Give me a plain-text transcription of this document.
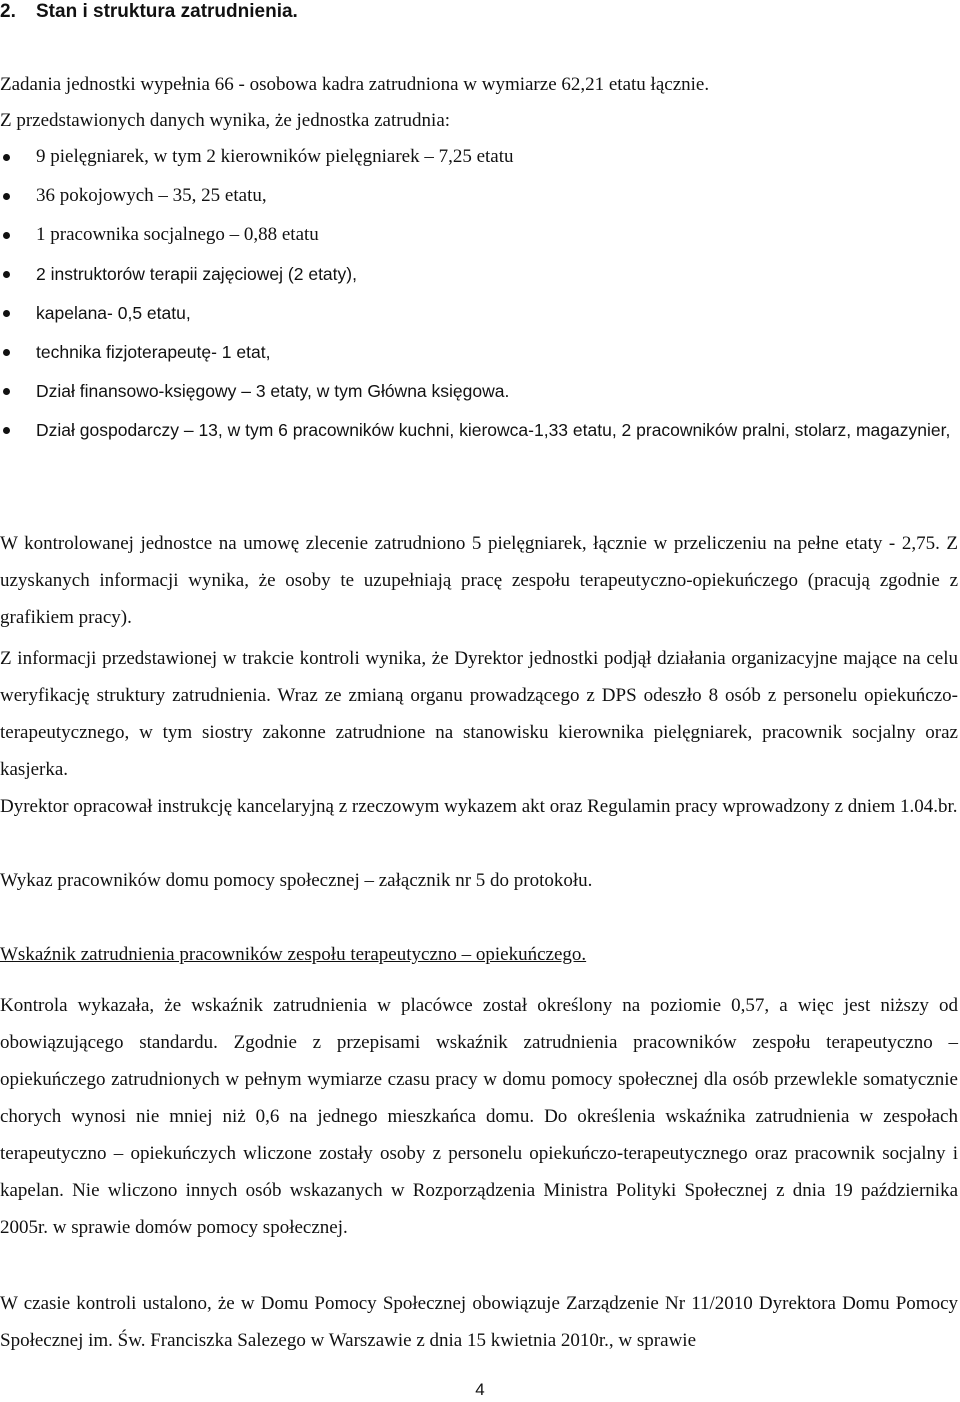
2. Stan i struktura zatrudnienia.
Zadania jednostki wypełnia 66 - osobowa kadra zatrudniona w wymiarze 62,21 etatu łącznie.
Z przedstawionych danych wynika, że jednostka zatrudnia:
9 pielęgniarek, w tym 2 kierowników pielęgniarek – 7,25 etatu
36 pokojowych – 35, 25 etatu,
1 pracownika socjalnego – 0,88 etatu
2 instruktorów terapii zajęciowej (2 etaty),
kapelana- 0,5 etatu,
technika fizjoterapeutę- 1 etat,
Dział finansowo-księgowy – 3 etaty, w tym Główna księgowa.
Dział gospodarczy – 13, w tym 6 pracowników kuchni, kierowca-1,33 etatu, 2 pracowników pralni, stolarz, magazynier,

W kontrolowanej jednostce na umowę zlecenie zatrudniono 5 pielęgniarek, łącznie w przeliczeniu na pełne etaty - 2,75. Z uzyskanych informacji wynika, że osoby te uzupełniają pracę zespołu terapeutyczno-opiekuńczego (pracują zgodnie z grafikiem pracy).

Z informacji przedstawionej w trakcie kontroli wynika, że Dyrektor jednostki podjął działania organizacyjne mające na celu weryfikację struktury zatrudnienia. Wraz ze zmianą organu prowadzącego z DPS odeszło 8 osób z personelu opiekuńczo-terapeutycznego, w tym siostry zakonne zatrudnione na stanowisku kierownika pielęgniarek, pracownik socjalny oraz kasjerka.

Dyrektor opracował instrukcję kancelaryjną z rzeczowym wykazem akt oraz Regulamin pracy wprowadzony z dniem 1.04.br.

Wykaz pracowników domu pomocy społecznej – załącznik nr 5 do protokołu.

Wskaźnik zatrudnienia pracowników zespołu terapeutyczno – opiekuńczego.

Kontrola wykazała, że wskaźnik zatrudnienia w placówce został określony na poziomie 0,57, a więc jest niższy od obowiązującego standardu. Zgodnie z przepisami wskaźnik zatrudnienia pracowników zespołu terapeutyczno – opiekuńczego zatrudnionych w pełnym wymiarze czasu pracy w domu pomocy społecznej dla osób przewlekle somatycznie chorych wynosi nie mniej niż 0,6 na jednego mieszkańca domu. Do określenia wskaźnika zatrudnienia w zespołach terapeutyczno – opiekuńczych wliczone zostały osoby z personelu opiekuńczo-terapeutycznego oraz pracownik socjalny i kapelan. Nie wliczono innych osób wskazanych w Rozporządzenia Ministra Polityki Społecznej z dnia 19 października 2005r. w sprawie domów pomocy społecznej.

W czasie kontroli ustalono, że w Domu Pomocy Społecznej obowiązuje Zarządzenie Nr 11/2010 Dyrektora Domu Pomocy Społecznej im. Św. Franciszka Salezego w Warszawie z dnia 15 kwietnia 2010r., w sprawie

4
